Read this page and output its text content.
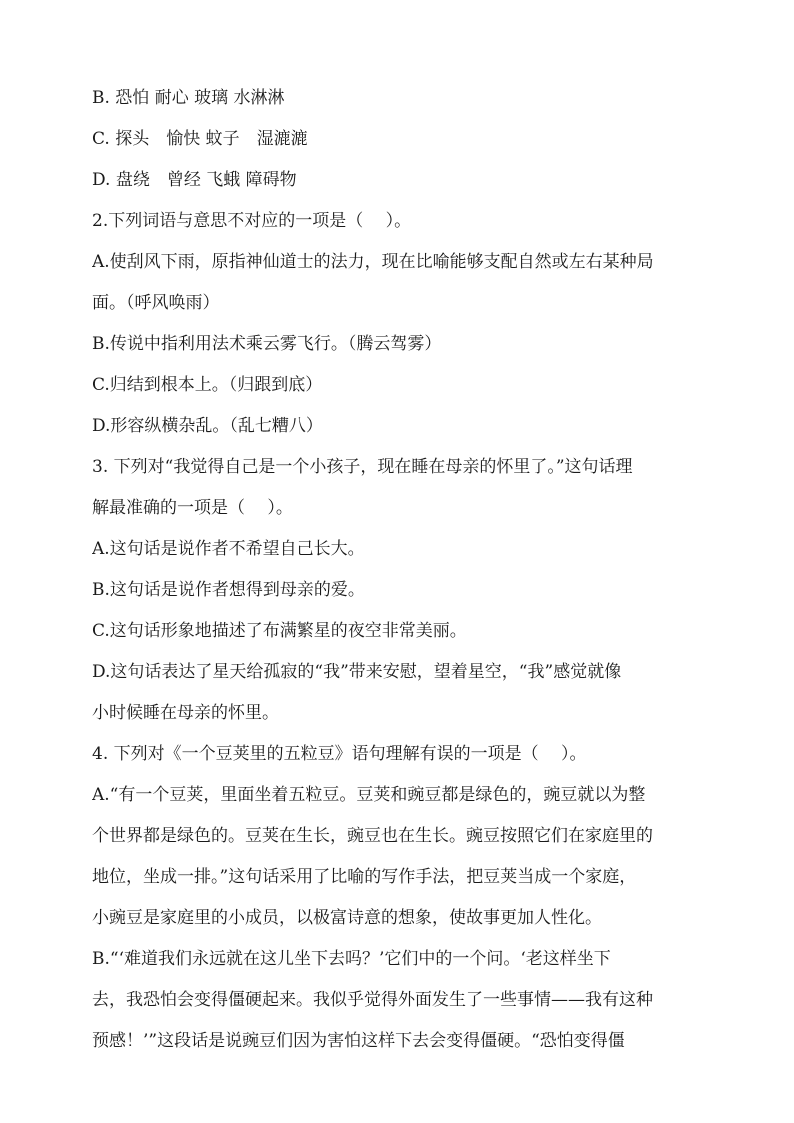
B. 恐怕 耐心 玻璃 水淋淋
C. 探头　愉快 蚊子　湿漉漉
D. 盘绕　曾经 飞蛾 障碍物
2.下列词语与意思不对应的一项是（　 ）。
A.使刮风下雨，原指神仙道士的法力，现在比喻能够支配自然或左右某种局
面。（呼风唤雨）
B.传说中指利用法术乘云雾飞行。（腾云驾雾）
C.归结到根本上。（归跟到底）
D.形容纵横杂乱。（乱七糟八）
3. 下列对“我觉得自己是一个小孩子，现在睡在母亲的怀里了。”这句话理
解最准确的一项是（　 ）。
A.这句话是说作者不希望自己长大。
B.这句话是说作者想得到母亲的爱。
C.这句话形象地描述了布满繁星的夜空非常美丽。
D.这句话表达了星天给孤寂的“我”带来安慰，望着星空，“我”感觉就像
小时候睡在母亲的怀里。
4. 下列对《一个豆荚里的五粒豆》语句理解有误的一项是（　 ）。
A.“有一个豆荚，里面坐着五粒豆。豆荚和豌豆都是绿色的，豌豆就以为整
个世界都是绿色的。豆荚在生长，豌豆也在生长。豌豆按照它们在家庭里的
地位，坐成一排。”这句话采用了比喻的写作手法，把豆荚当成一个家庭，
小豌豆是家庭里的小成员，以极富诗意的想象，使故事更加人性化。
B.“‘难道我们永远就在这儿坐下去吗？’它们中的一个问。‘老这样坐下
去，我恐怕会变得僵硬起来。我似乎觉得外面发生了一些事情——我有这种
预感！’”这段话是说豌豆们因为害怕这样下去会变得僵硬。“恐怕变得僵
